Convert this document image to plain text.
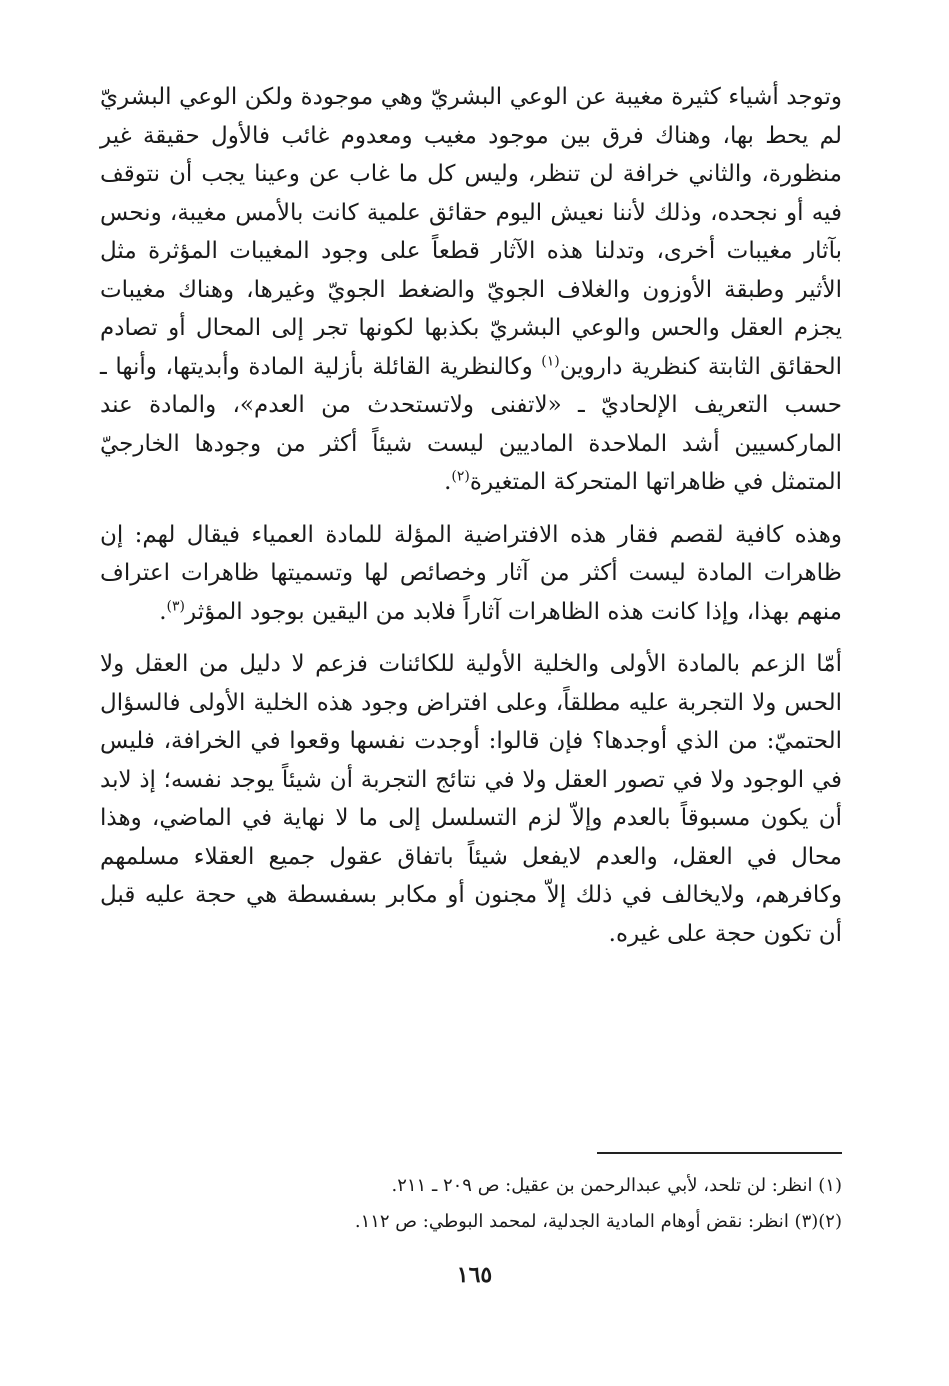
وتوجد أشياء كثيرة مغيبة عن الوعي البشريّ وهي موجودة ولكن الوعي البشريّ لم يحط بها، وهناك فرق بين موجود مغيب ومعدوم غائب فالأول حقيقة غير منظورة، والثاني خرافة لن تنظر، وليس كل ما غاب عن وعينا يجب أن نتوقف فيه أو نجحده، وذلك لأننا نعيش اليوم حقائق علمية كانت بالأمس مغيبة، ونحس بآثار مغيبات أخرى، وتدلنا هذه الآثار قطعاً على وجود المغيبات المؤثرة مثل الأثير وطبقة الأوزون والغلاف الجويّ والضغط الجويّ وغيرها، وهناك مغيبات يجزم العقل والحس والوعي البشريّ بكذبها لكونها تجر إلى المحال أو تصادم الحقائق الثابتة كنظرية داروين$^{(١)}$ وكالنظرية القائلة بأزلية المادة وأبديتها، وأنها ـ حسب التعريف الإلحاديّ ـ «لاتفنى ولاتستحدث من العدم»، والمادة عند الماركسيين أشد الملاحدة الماديين ليست شيئاً أكثر من وجودها الخارجيّ المتمثل في ظاهراتها المتحركة المتغيرة$^{(٢)}$.

وهذه كافية لقصم فقار هذه الافتراضية المؤلة للمادة العمياء فيقال لهم: إن ظاهرات المادة ليست أكثر من آثار وخصائص لها وتسميتها ظاهرات اعتراف منهم بهذا، وإذا كانت هذه الظاهرات آثاراً فلابد من اليقين بوجود المؤثر$^{(٣)}$.

أمّا الزعم بالمادة الأولى والخلية الأولية للكائنات فزعم لا دليل من العقل ولا الحس ولا التجربة عليه مطلقاً، وعلى افتراض وجود هذه الخلية الأولى فالسؤال الحتميّ: من الذي أوجدها؟ فإن قالوا: أوجدت نفسها وقعوا في الخرافة، فليس في الوجود ولا في تصور العقل ولا في نتائج التجربة أن شيئاً يوجد نفسه؛ إذ لابد أن يكون مسبوقاً بالعدم وإلاّ لزم التسلسل إلى ما لا نهاية في الماضي، وهذا محال في العقل، والعدم لايفعل شيئاً باتفاق عقول جميع العقلاء مسلمهم وكافرهم، ولايخالف في ذلك إلاّ مجنون أو مكابر بسفسطة هي حجة عليه قبل أن تكون حجة على غيره.

(١) انظر: لن تلحد، لأبي عبدالرحمن بن عقيل: ص ٢٠٩ ـ ٢١١.

(٢)(٣) انظر: نقض أوهام المادية الجدلية، لمحمد البوطي: ص ١١٢.

١٦٥
